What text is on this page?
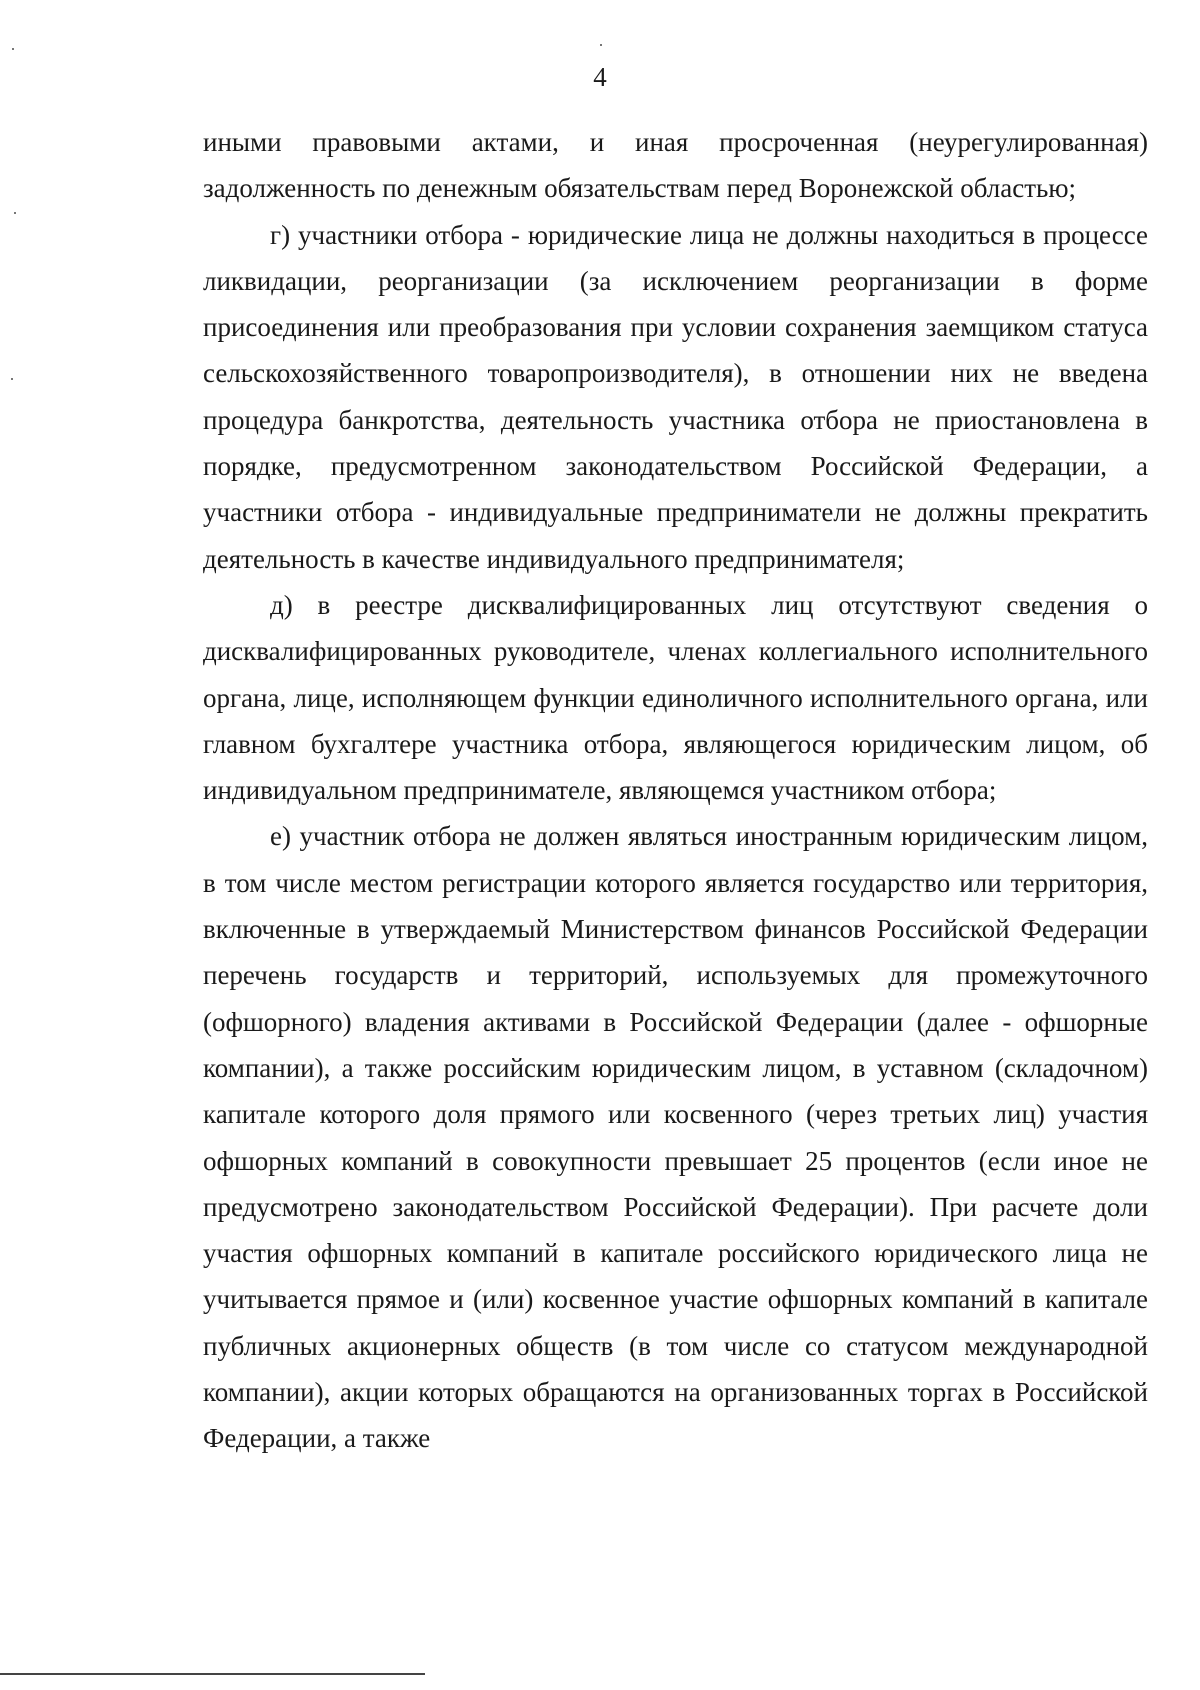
4

иными правовыми актами, и иная просроченная (неурегулированная) задолженность по денежным обязательствам перед Воронежской областью;

г) участники отбора - юридические лица не должны находиться в процессе ликвидации, реорганизации (за исключением реорганизации в форме присоединения или преобразования при условии сохранения заемщиком статуса сельскохозяйственного товаропроизводителя), в отношении них не введена процедура банкротства, деятельность участника отбора не приостановлена в порядке, предусмотренном законодательством Российской Федерации, а участники отбора - индивидуальные предприниматели не должны прекратить деятельность в качестве индивидуального предпринимателя;

д) в реестре дисквалифицированных лиц отсутствуют сведения о дисквалифицированных руководителе, членах коллегиального исполнительного органа, лице, исполняющем функции единоличного исполнительного органа, или главном бухгалтере участника отбора, являющегося юридическим лицом, об индивидуальном предпринимателе, являющемся участником отбора;

е) участник отбора не должен являться иностранным юридическим лицом, в том числе местом регистрации которого является государство или территория, включенные в утверждаемый Министерством финансов Российской Федерации перечень государств и территорий, используемых для промежуточного (офшорного) владения активами в Российской Федерации (далее - офшорные компании), а также российским юридическим лицом, в уставном (складочном) капитале которого доля прямого или косвенного (через третьих лиц) участия офшорных компаний в совокупности превышает 25 процентов (если иное не предусмотрено законодательством Российской Федерации). При расчете доли участия офшорных компаний в капитале российского юридического лица не учитывается прямое и (или) косвенное участие офшорных компаний в капитале публичных акционерных обществ (в том числе со статусом международной компании), акции которых обращаются на организованных торгах в Российской Федерации, а также
